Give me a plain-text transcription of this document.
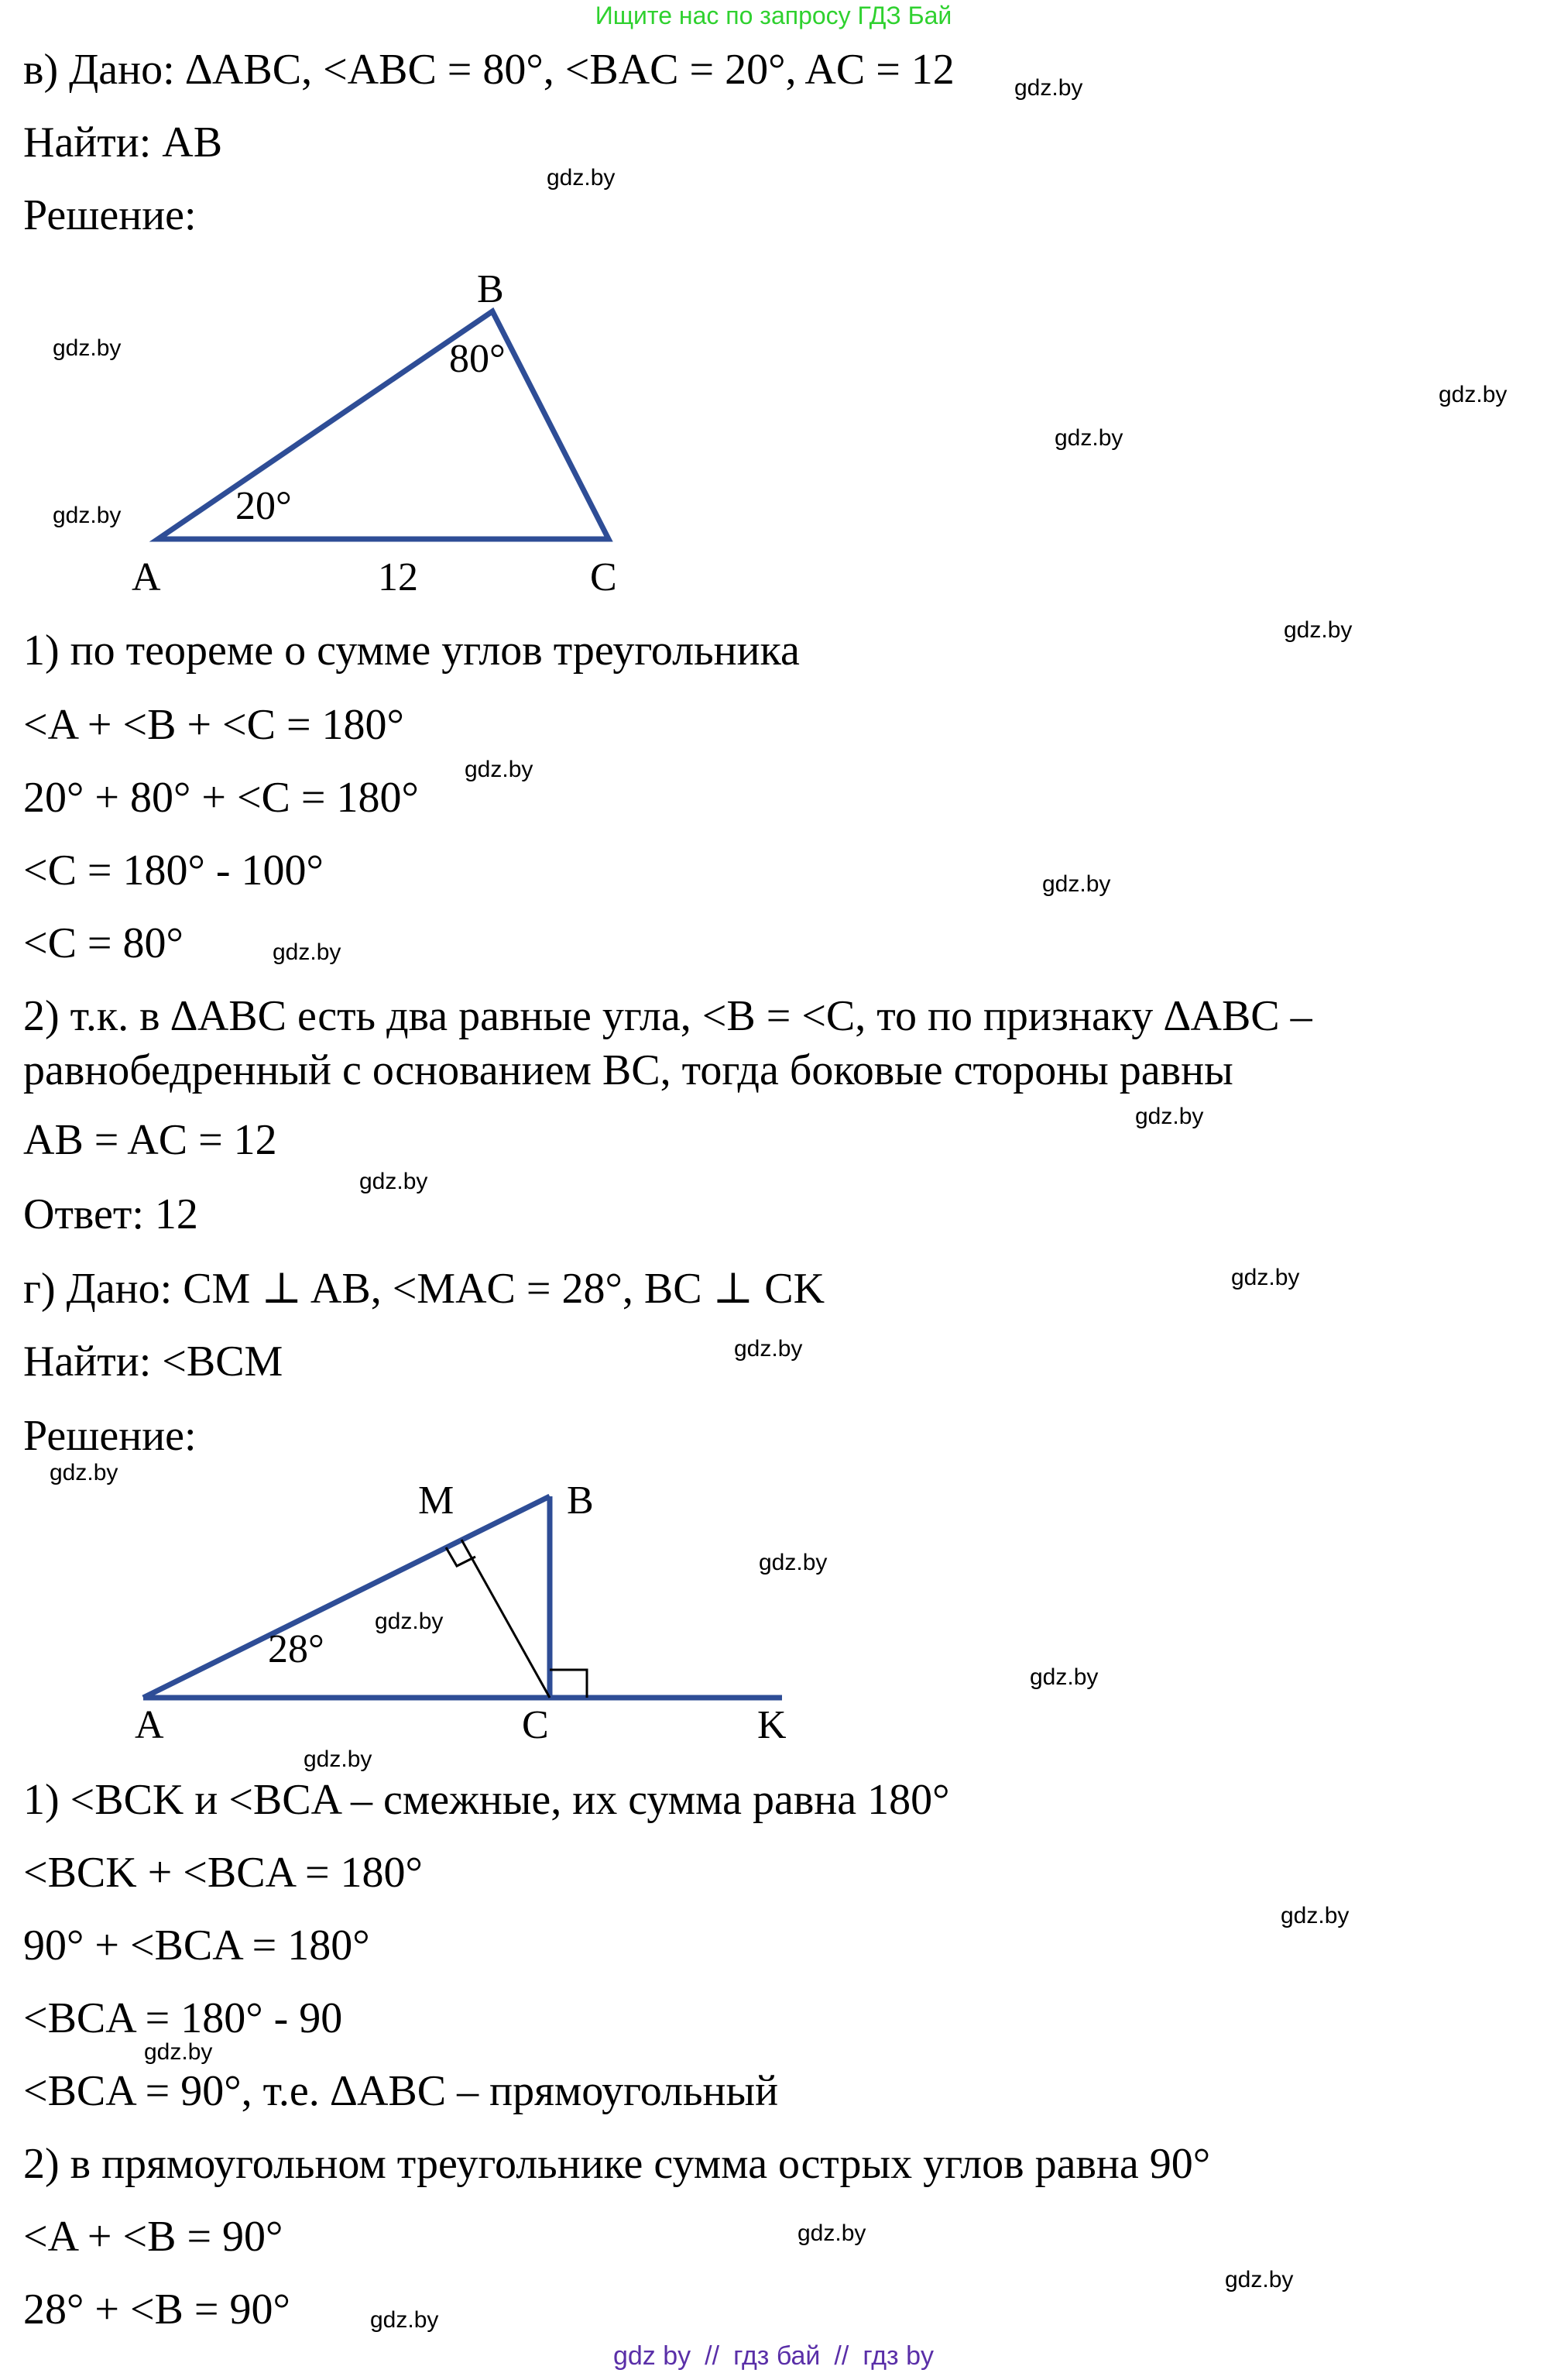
Ищите нас по запросу ГДЗ Бай
в) Дано: ∆ABC, <ABC = 80°, <BAC = 20°, AC = 12
Найти: AB
Решение:
B
80°
20°
A	12	C
1) по теореме о сумме углов треугольника
<A + <B + <C = 180°
20° + 80° + <C = 180°
<C = 180° - 100°
<C = 80°
2) т.к. в ∆ABC есть два равные угла, <B = <C, то по признаку ∆ABC –
равнобедренный с основанием BC, тогда боковые стороны равны
AB = AC = 12
Ответ: 12
г) Дано: CM ⊥ AB, <MAC = 28°, BC ⊥ CK
Найти: <BCM
Решение:
M	B
28°
A	C	K
1) <BCK и <BCA – смежные, их сумма равна 180°
<BCK + <BCA = 180°
90° + <BCA = 180°
<BCA = 180° - 90
<BCA = 90°, т.е. ∆ABC – прямоугольный
2) в прямоугольном треугольнике сумма острых углов равна 90°
<A + <B = 90°
28° + <B = 90°
gdz.by
gdz.by
gdz.by
gdz.by
gdz.by
gdz.by
gdz.by
gdz.by
gdz.by
gdz.by
gdz.by
gdz.by
gdz.by
gdz.by
gdz.by
gdz.by
gdz.by
gdz.by
gdz.by
gdz.by
gdz.by
gdz.by
gdz.by
gdz.by
gdz by // гдз бай // гдз by
